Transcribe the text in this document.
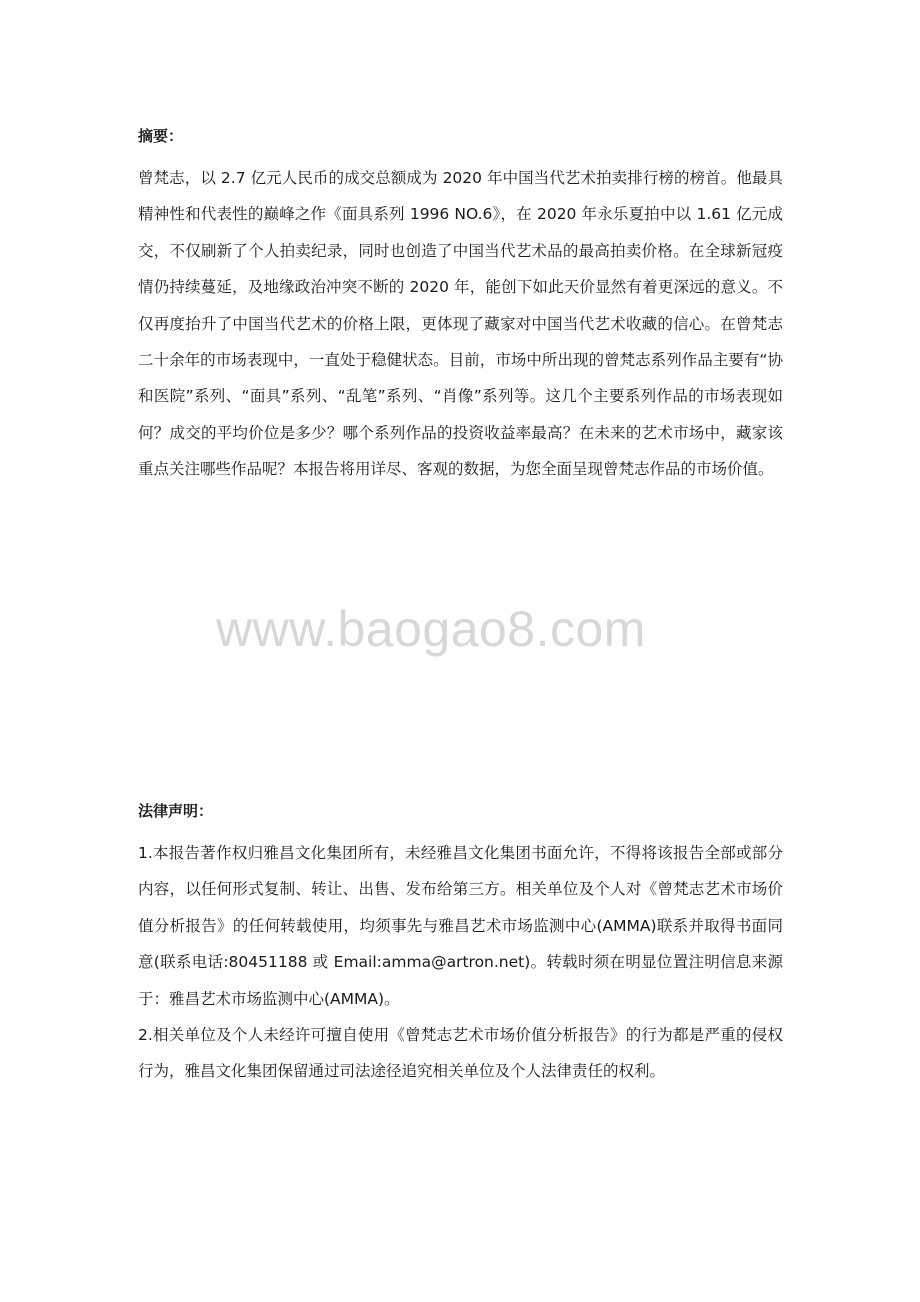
摘要：

曾梵志，以 2.7 亿元人民币的成交总额成为 2020 年中国当代艺术拍卖排行榜的榜首。他最具精神性和代表性的巅峰之作《面具系列 1996 NO.6》，在 2020 年永乐夏拍中以 1.61 亿元成交，不仅刷新了个人拍卖纪录，同时也创造了中国当代艺术品的最高拍卖价格。在全球新冠疫情仍持续蔓延，及地缘政治冲突不断的 2020 年，能创下如此天价显然有着更深远的意义。不仅再度抬升了中国当代艺术的价格上限，更体现了藏家对中国当代艺术收藏的信心。在曾梵志二十余年的市场表现中，一直处于稳健状态。目前，市场中所出现的曾梵志系列作品主要有“协和医院”系列、“面具”系列、“乱笔”系列、“肖像”系列等。这几个主要系列作品的市场表现如何？成交的平均价位是多少？哪个系列作品的投资收益率最高？在未来的艺术市场中，藏家该重点关注哪些作品呢？本报告将用详尽、客观的数据，为您全面呈现曾梵志作品的市场价值。

www.baogao8.com
法律声明：

1.本报告著作权归雅昌文化集团所有，未经雅昌文化集团书面允许，不得将该报告全部或部分内容，以任何形式复制、转让、出售、发布给第三方。相关单位及个人对《曾梵志艺术市场价值分析报告》的任何转载使用，均须事先与雅昌艺术市场监测中心(AMMA)联系并取得书面同意(联系电话:80451188 或 Email:amma@artron.net)。转载时须在明显位置注明信息来源于：雅昌艺术市场监测中心(AMMA)。

2.相关单位及个人未经许可擅自使用《曾梵志艺术市场价值分析报告》的行为都是严重的侵权行为，雅昌文化集团保留通过司法途径追究相关单位及个人法律责任的权利。
